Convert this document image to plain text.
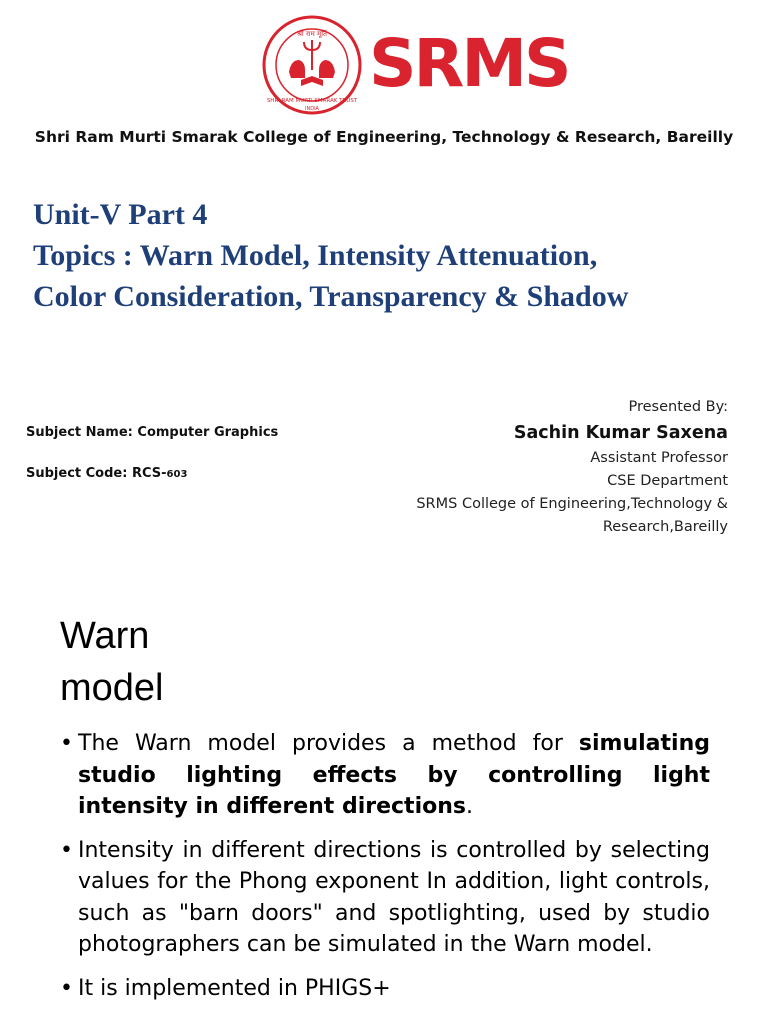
श्री राम मूर्ति
SHRI RAM MURTI SMARAK TRUST
INDIA
SRMS
Shri Ram Murti Smarak College of Engineering, Technology & Research, Bareilly
Unit-V Part 4
Topics : Warn Model, Intensity Attenuation,
Color Consideration, Transparency & Shadow
Subject Name: Computer Graphics
Subject Code: RCS-603
Presented By:
Sachin Kumar Saxena
Assistant Professor
CSE Department
SRMS College of Engineering,Technology &
Research,Bareilly
Warn
model
• The Warn model provides a method for simulating studio lighting effects by controlling light intensity in different directions.
• Intensity in different directions is controlled by selecting values for the Phong exponent In addition, light controls, such as "barn doors" and spotlighting, used by studio photographers can be simulated in the Warn model.
• It is implemented in PHIGS+
